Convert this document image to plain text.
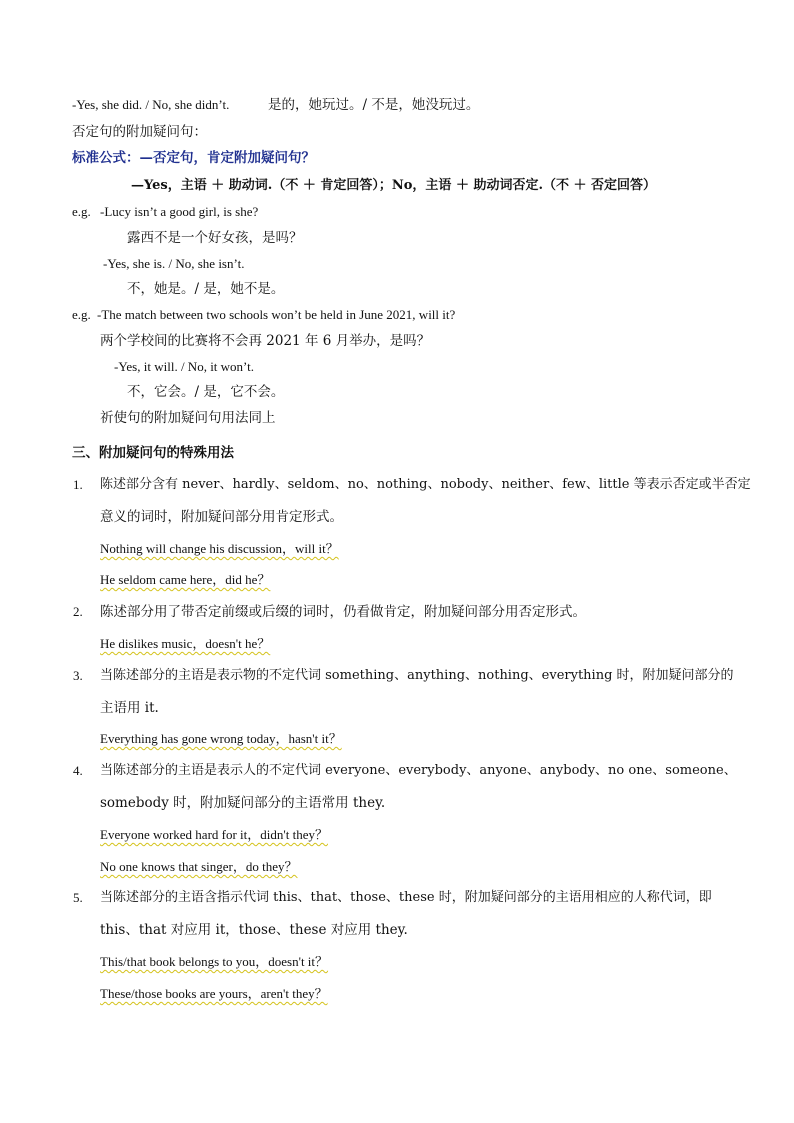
-Yes, she did. / No, she didn’t.	是的，她玩过。/ 不是，她没玩过。
否定句的附加疑问句：
标准公式：—否定句，肯定附加疑问句？
—Yes，主语 ＋ 助动词.（不 ＋ 肯定回答）；No，主语 ＋ 助动词否定.（不 ＋ 否定回答）
e.g. -Lucy isn’t a good girl, is she?
露西不是一个好女孩，是吗？
-Yes, she is. / No, she isn’t.
不，她是。/ 是，她不是。
e.g. -The match between two schools won’t be held in June 2021, will it?
两个学校间的比赛将不会再 2021 年 6 月举办，是吗？
-Yes, it will. / No, it won’t.
不，它会。/ 是，它不会。
祈使句的附加疑问句用法同上
三、附加疑问句的特殊用法
1. 陈述部分含有 never、hardly、seldom、no、nothing、nobody、neither、few、little 等表示否定或半否定
意义的词时，附加疑问部分用肯定形式。
Nothing will change his discussion，will it？
He seldom came here，did he？
2. 陈述部分用了带否定前缀或后缀的词时，仍看做肯定，附加疑问部分用否定形式。
He dislikes music，doesn't he？
3. 当陈述部分的主语是表示物的不定代词 something、anything、nothing、everything 时，附加疑问部分的
主语用 it.
Everything has gone wrong today，hasn't it？
4. 当陈述部分的主语是表示人的不定代词 everyone、everybody、anyone、anybody、no one、someone、
somebody 时，附加疑问部分的主语常用 they.
Everyone worked hard for it，didn't they？
No one knows that singer，do they？
5. 当陈述部分的主语含指示代词 this、that、those、these 时，附加疑问部分的主语用相应的人称代词，即
this、that 对应用 it，those、these 对应用 they.
This/that book belongs to you，doesn't it？
These/those books are yours，aren't they？
